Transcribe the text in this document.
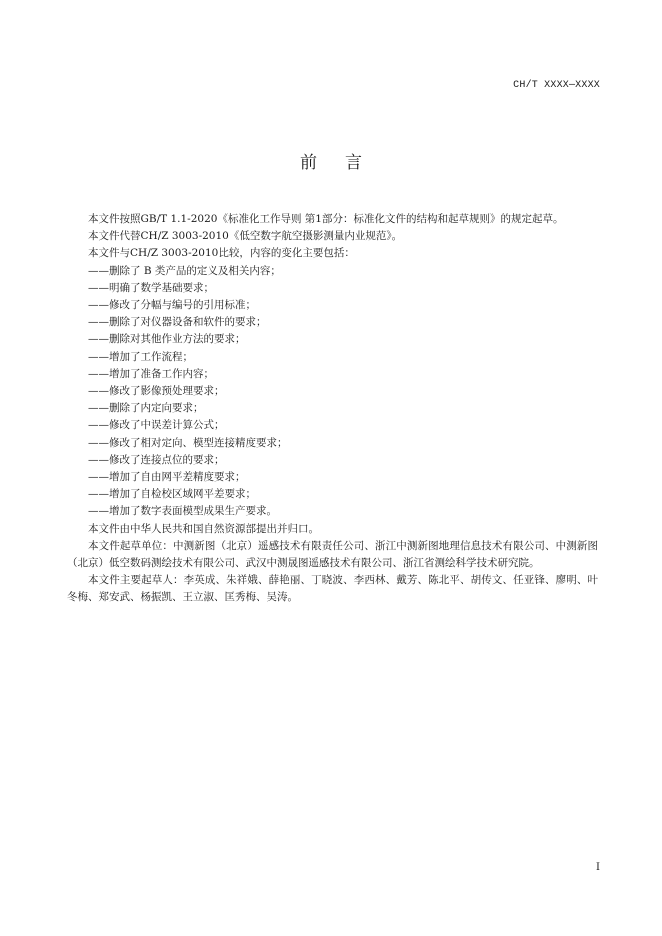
CH/T XXXX—XXXX
前言

本文件按照GB/T 1.1-2020《标准化工作导则 第1部分：标准化文件的结构和起草规则》的规定起草。

本文件代替CH/Z 3003-2010《低空数字航空摄影测量内业规范》。

本文件与CH/Z 3003-2010比较，内容的变化主要包括：

——删除了 B 类产品的定义及相关内容；
——明确了数学基础要求；
——修改了分幅与编号的引用标准；
——删除了对仪器设备和软件的要求；
——删除对其他作业方法的要求；
——增加了工作流程；
——增加了准备工作内容；
——修改了影像预处理要求；
——删除了内定向要求；
——修改了中误差计算公式；
——修改了相对定向、模型连接精度要求；
——修改了连接点位的要求；
——增加了自由网平差精度要求；
——增加了自检校区域网平差要求；
——增加了数字表面模型成果生产要求。

本文件由中华人民共和国自然资源部提出并归口。

本文件起草单位：中测新图（北京）遥感技术有限责任公司、浙江中测新图地理信息技术有限公司、中测新图（北京）低空数码测绘技术有限公司、武汉中测晟图遥感技术有限公司、浙江省测绘科学技术研究院。

本文件主要起草人：李英成、朱祥娥、薛艳丽、丁晓波、李西林、戴芳、陈北平、胡传文、任亚锋、廖明、叶冬梅、郑安武、杨振凯、王立淑、匡秀梅、吴涛。

I
